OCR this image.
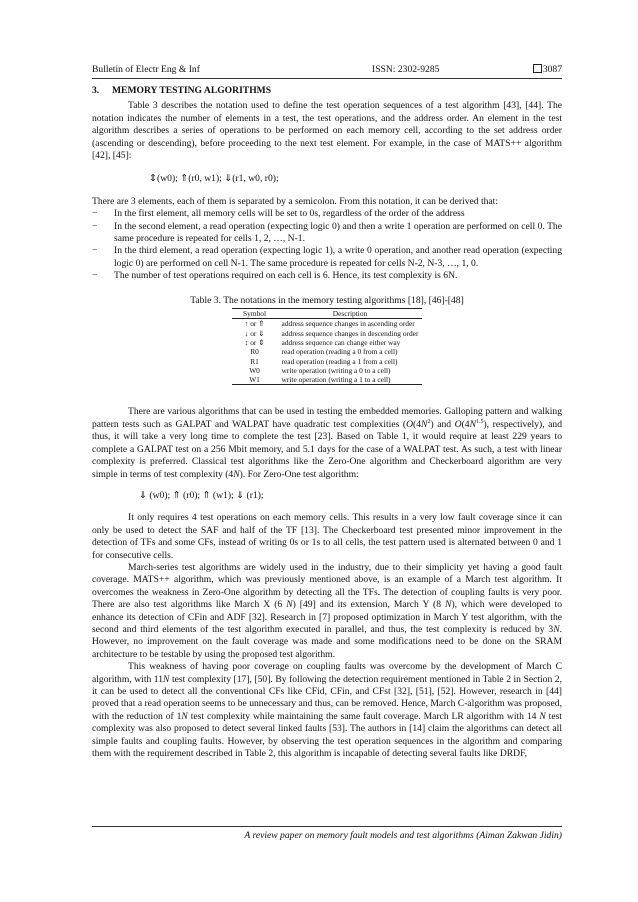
Bulletin of Electr Eng & Inf	ISSN: 2302-9285	3087

3. MEMORY TESTING ALGORITHMS

Table 3 describes the notation used to define the test operation sequences of a test algorithm [43], [44]. The notation indicates the number of elements in a test, the test operations, and the address order. An element in the test algorithm describes a series of operations to be performed on each memory cell, according to the set address order (ascending or descending), before proceeding to the next test element. For example, in the case of MATS++ algorithm [42], [45]:

⇕(w0); ⇑(r0, w1); ⇓(r1, w0, r0);

There are 3 elements, each of them is separated by a semicolon. From this notation, it can be derived that:

− In the first element, all memory cells will be set to 0s, regardless of the order of the address
− In the second element, a read operation (expecting logic 0) and then a write 1 operation are performed on cell 0. The same procedure is repeated for cells 1, 2, …, N-1.
− In the third element, a read operation (expecting logic 1), a write 0 operation, and another read operation (expecting logic 0) are performed on cell N-1. The same procedure is repeated for cells N-2, N-3, …, 1, 0.
− The number of test operations required on each cell is 6. Hence, its test complexity is 6N.

Table 3. The notations in the memory testing algorithms [18], [46]-[48]

Symbol	Description
↑ or ⇑	address sequence changes in ascending order
↓ or ⇓	address sequence changes in descending order
↕ or ⇕	address sequence can change either way
R0	read operation (reading a 0 from a cell)
R1	read operation (reading a 1 from a cell)
W0	write operation (writing a 0 to a cell)
W1	write operation (writing a 1 to a cell)

There are various algorithms that can be used in testing the embedded memories. Galloping pattern and walking pattern tests such as GALPAT and WALPAT have quadratic test complexities ($O(4N^2)$ and $O(4N^{1.5})$, respectively), and thus, it will take a very long time to complete the test [23]. Based on Table 1, it would require at least 229 years to complete a GALPAT test on a 256 Mbit memory, and 5.1 days for the case of a WALPAT test. As such, a test with linear complexity is preferred. Classical test algorithms like the Zero-One algorithm and Checkerboard algorithm are very simple in terms of test complexity (4N). For Zero-One test algorithm:

⇓ (w0); ⇑ (r0); ⇑ (w1); ⇓ (r1);

It only requires 4 test operations on each memory cells. This results in a very low fault coverage since it can only be used to detect the SAF and half of the TF [13]. The Checkerboard test presented minor improvement in the detection of TFs and some CFs, instead of writing 0s or 1s to all cells, the test pattern used is alternated between 0 and 1 for consecutive cells.

March-series test algorithms are widely used in the industry, due to their simplicity yet having a good fault coverage. MATS++ algorithm, which was previously mentioned above, is an example of a March test algorithm. It overcomes the weakness in Zero-One algorithm by detecting all the TFs. The detection of coupling faults is very poor. There are also test algorithms like March X (6 N) [49] and its extension, March Y (8 N), which were developed to enhance its detection of CFin and ADF [32]. Research in [7] proposed optimization in March Y test algorithm, with the second and third elements of the test algorithm executed in parallel, and thus, the test complexity is reduced by 3N. However, no improvement on the fault coverage was made and some modifications need to be done on the SRAM architecture to be testable by using the proposed test algorithm.

This weakness of having poor coverage on coupling faults was overcome by the development of March C algorithm, with 11N test complexity [17], [50]. By following the detection requirement mentioned in Table 2 in Section 2, it can be used to detect all the conventional CFs like CFid, CFin, and CFst [32], [51], [52]. However, research in [44] proved that a read operation seems to be unnecessary and thus, can be removed. Hence, March C-algorithm was proposed, with the reduction of 1N test complexity while maintaining the same fault coverage. March LR algorithm with 14 N test complexity was also proposed to detect several linked faults [53]. The authors in [14] claim the algorithms can detect all simple faults and coupling faults. However, by observing the test operation sequences in the algorithm and comparing them with the requirement described in Table 2, this algorithm is incapable of detecting several faults like DRDF,

A review paper on memory fault models and test algorithms (Aiman Zakwan Jidin)
